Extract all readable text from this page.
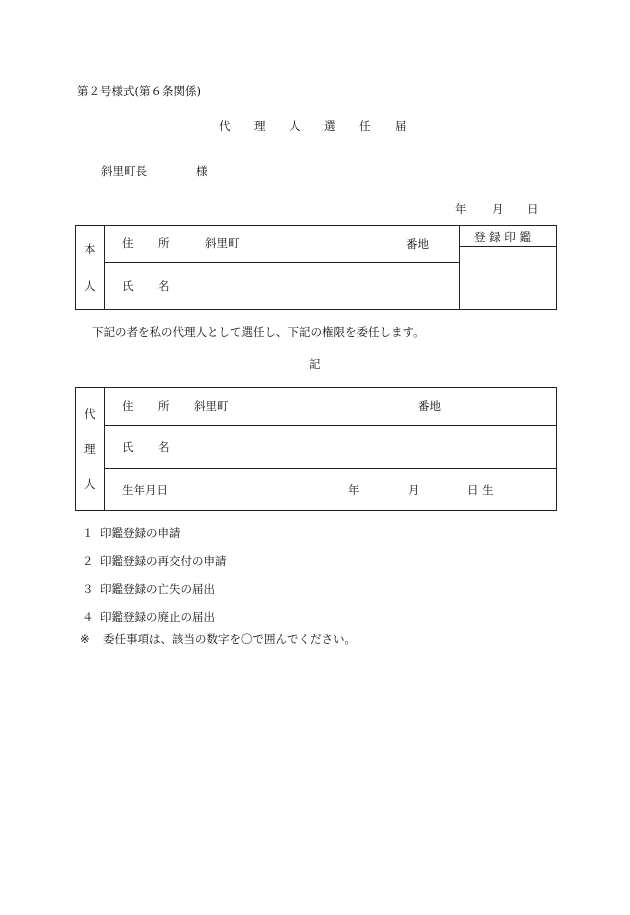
第２号様式(第６条関係)
代 理 人 選 任 届
斜里町長	様
年 月 日
本
人
住 所	斜里町	番地
氏 名
登 録 印 鑑
下記の者を私の代理人として選任し、下記の権限を委任します。
記
代
理
人
住 所 斜里町	番地
氏 名
生年月日	年	月	日 生
１ 印鑑登録の申請
２ 印鑑登録の再交付の申請
３ 印鑑登録の亡失の届出
４ 印鑑登録の廃止の届出
※ 委任事項は、該当の数字を〇で囲んでください。
